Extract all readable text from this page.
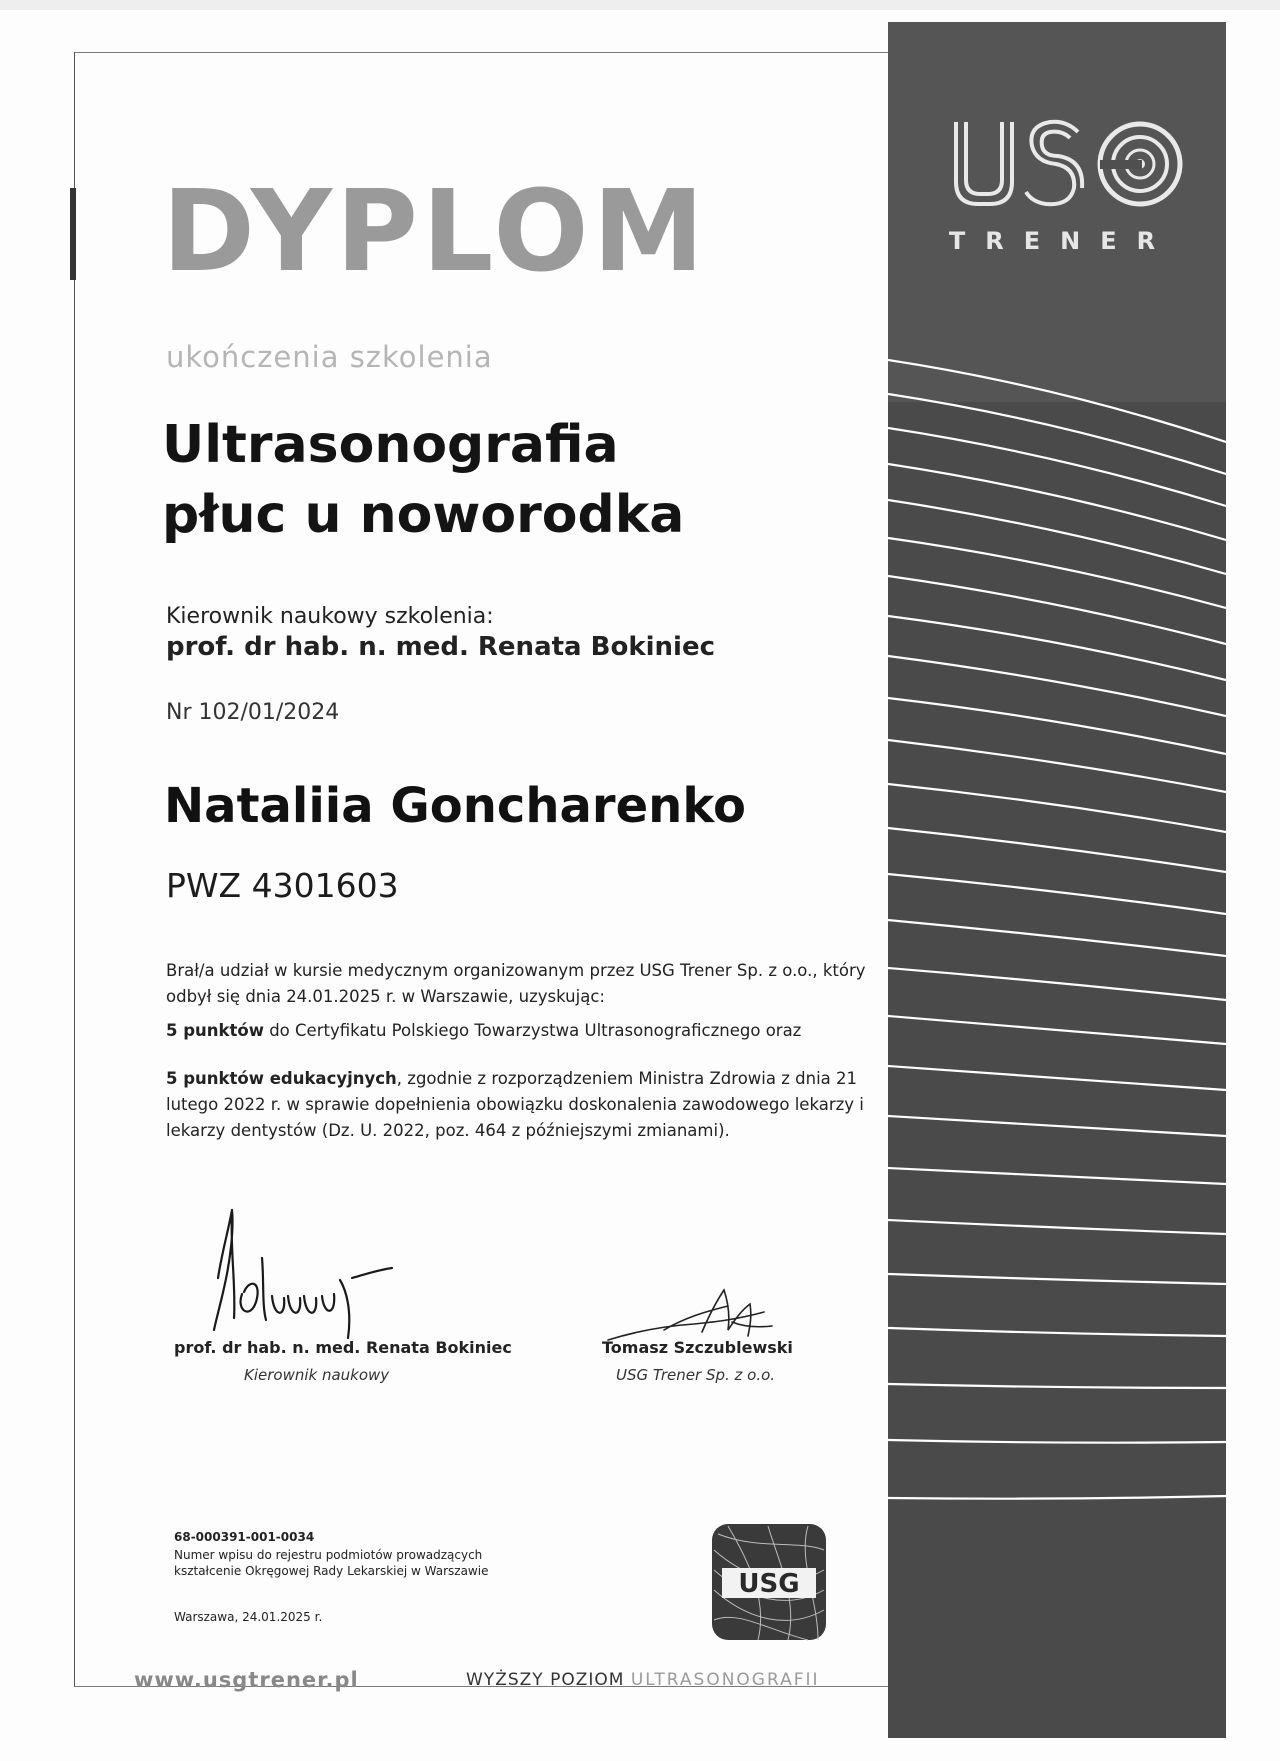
DYPLOM
ukończenia szkolenia
Ultrasonografia
płuc u noworodka
Kierownik naukowy szkolenia:
prof. dr hab. n. med. Renata Bokiniec
Nr 102/01/2024
Nataliia Goncharenko
PWZ 4301603
Brał/a udział w kursie medycznym organizowanym przez USG Trener Sp. z o.o., który odbył się dnia 24.01.2025 r. w Warszawie, uzyskując:
5 punktów do Certyfikatu Polskiego Towarzystwa Ultrasonograficznego oraz
5 punktów edukacyjnych, zgodnie z rozporządzeniem Ministra Zdrowia z dnia 21 lutego 2022 r. w sprawie dopełnienia obowiązku doskonalenia zawodowego lekarzy i lekarzy dentystów (Dz. U. 2022, poz. 464 z późniejszymi zmianami).
prof. dr hab. n. med. Renata Bokiniec
Kierownik naukowy
Tomasz Szczublewski
USG Trener Sp. z o.o.
68-000391-001-0034
Numer wpisu do rejestru podmiotów prowadzących kształcenie Okręgowej Rady Lekarskiej w Warszawie
Warszawa, 24.01.2025 r.
USG
www.usgtrener.pl	WYŻSZY POZIOM ULTRASONOGRAFII
TRENER
